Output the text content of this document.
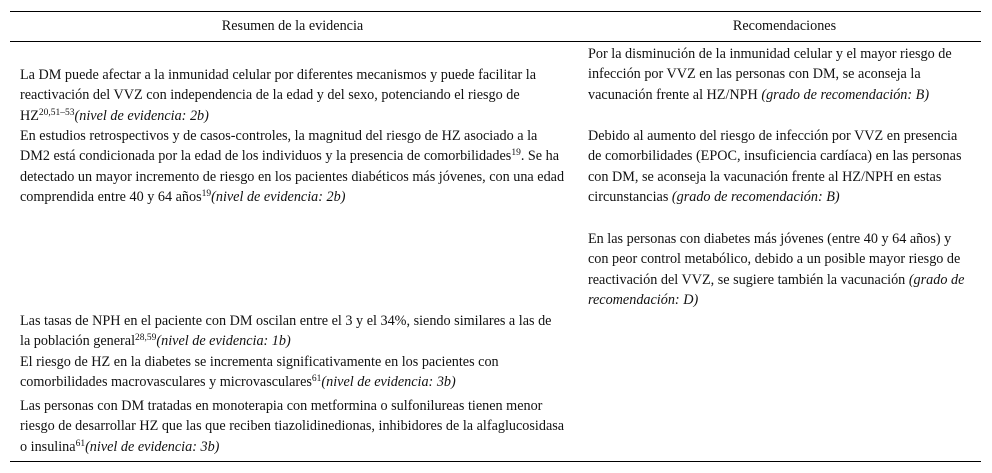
Resumen de la evidencia	Recomendaciones

La DM puede afectar a la inmunidad celular por diferentes mecanismos y puede facilitar la reactivación del VVZ con independencia de la edad y del sexo, potenciando el riesgo de HZ$^{20,51-53}$(nivel de evidencia: 2b)

En estudios retrospectivos y de casos-controles, la magnitud del riesgo de HZ asociado a la DM2 está condicionada por la edad de los individuos y la presencia de comorbilidades$^{19}$. Se ha detectado un mayor incremento de riesgo en los pacientes diabéticos más jóvenes, con una edad comprendida entre 40 y 64 años$^{19}$(nivel de evidencia: 2b)

Las tasas de NPH en el paciente con DM oscilan entre el 3 y el 34%, siendo similares a las de la población general$^{28,59}$(nivel de evidencia: 1b)

El riesgo de HZ en la diabetes se incrementa significativamente en los pacientes con comorbilidades macrovasculares y microvasculares$^{61}$(nivel de evidencia: 3b)

Las personas con DM tratadas en monoterapia con metformina o sulfonilureas tienen menor riesgo de desarrollar HZ que las que reciben tiazolidinedionas, inhibidores de la alfaglucosidasa o insulina$^{61}$(nivel de evidencia: 3b)

Por la disminución de la inmunidad celular y el mayor riesgo de infección por VVZ en las personas con DM, se aconseja la vacunación frente al HZ/NPH (grado de recomendación: B)

Debido al aumento del riesgo de infección por VVZ en presencia de comorbilidades (EPOC, insuficiencia cardíaca) en las personas con DM, se aconseja la vacunación frente al HZ/NPH en estas circunstancias (grado de recomendación: B)

En las personas con diabetes más jóvenes (entre 40 y 64 años) y con peor control metabólico, debido a un posible mayor riesgo de reactivación del VVZ, se sugiere también la vacunación (grado de recomendación: D)
